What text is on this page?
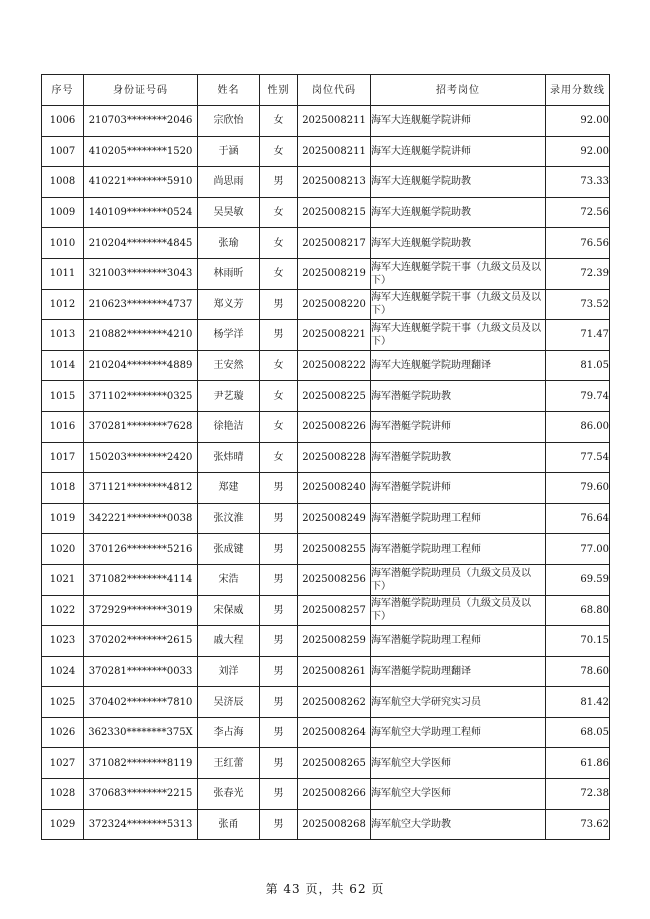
序号	身份证号码	姓名	性别	岗位代码	招考岗位	录用分数线
1006	210703********2046	宗欣怡	女	2025008211	海军大连舰艇学院讲师	92.00
1007	410205********1520	于涵	女	2025008211	海军大连舰艇学院讲师	92.00
1008	410221********5910	尚思雨	男	2025008213	海军大连舰艇学院助教	73.33
1009	140109********0524	吴昊敏	女	2025008215	海军大连舰艇学院助教	72.56
1010	210204********4845	张瑜	女	2025008217	海军大连舰艇学院助教	76.56
1011	321003********3043	林雨昕	女	2025008219	海军大连舰艇学院干事（九级文员及以下）	72.39
1012	210623********4737	郑义芳	男	2025008220	海军大连舰艇学院干事（九级文员及以下）	73.52
1013	210882********4210	杨学洋	男	2025008221	海军大连舰艇学院干事（九级文员及以下）	71.47
1014	210204********4889	王安然	女	2025008222	海军大连舰艇学院助理翻译	81.05
1015	371102********0325	尹艺璇	女	2025008225	海军潜艇学院助教	79.74
1016	370281********7628	徐艳洁	女	2025008226	海军潜艇学院讲师	86.00
1017	150203********2420	张炜晴	女	2025008228	海军潜艇学院助教	77.54
1018	371121********4812	郑建	男	2025008240	海军潜艇学院讲师	79.60
1019	342221********0038	张汶淮	男	2025008249	海军潜艇学院助理工程师	76.64
1020	370126********5216	张成键	男	2025008255	海军潜艇学院助理工程师	77.00
1021	371082********4114	宋浩	男	2025008256	海军潜艇学院助理员（九级文员及以下）	69.59
1022	372929********3019	宋保威	男	2025008257	海军潜艇学院助理员（九级文员及以下）	68.80
1023	370202********2615	戚大程	男	2025008259	海军潜艇学院助理工程师	70.15
1024	370281********0033	刘洋	男	2025008261	海军潜艇学院助理翻译	78.60
1025	370402********7810	吴济辰	男	2025008262	海军航空大学研究实习员	81.42
1026	362330********375X	李占海	男	2025008264	海军航空大学助理工程师	68.05
1027	371082********8119	王红蕾	男	2025008265	海军航空大学医师	61.86
1028	370683********2215	张春光	男	2025008266	海军航空大学医师	72.38
1029	372324********5313	张甬	男	2025008268	海军航空大学助教	73.62
第 43 页，共 62 页
